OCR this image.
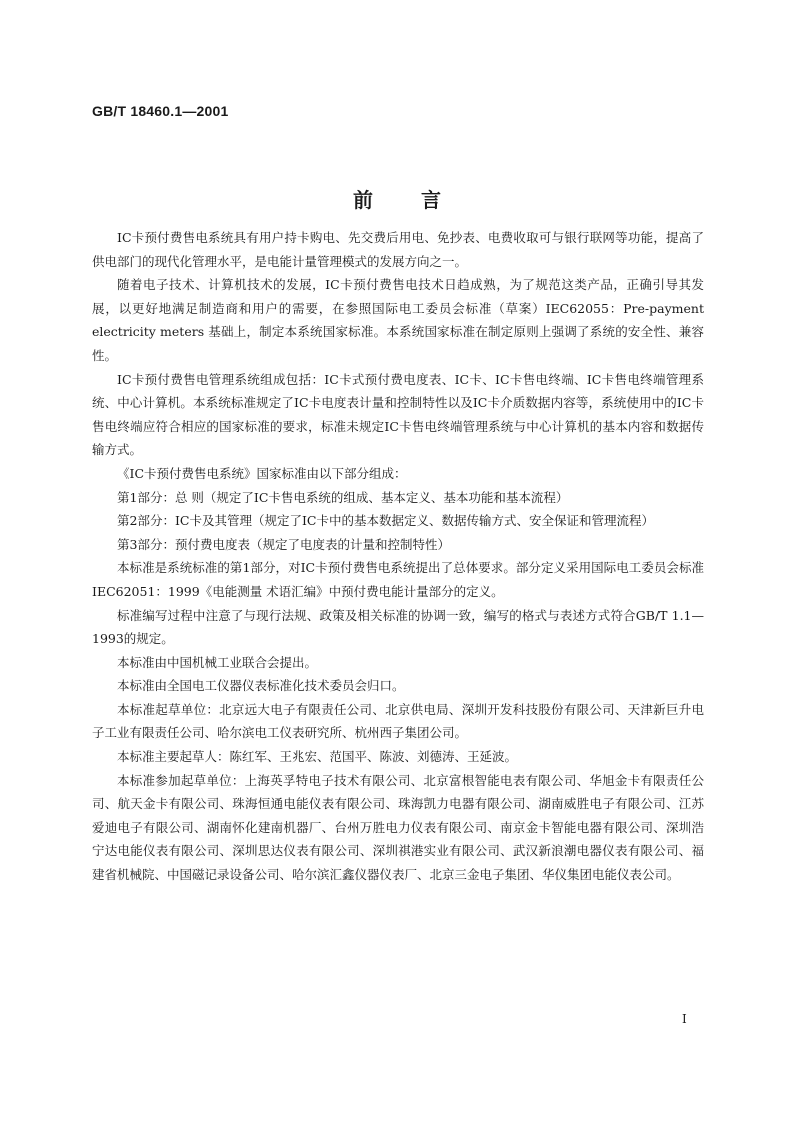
GB/T 18460.1—2001
前言

IC卡预付费售电系统具有用户持卡购电、先交费后用电、免抄表、电费收取可与银行联网等功能，提高了供电部门的现代化管理水平，是电能计量管理模式的发展方向之一。

随着电子技术、计算机技术的发展，IC卡预付费售电技术日趋成熟，为了规范这类产品，正确引导其发展，以更好地满足制造商和用户的需要，在参照国际电工委员会标准（草案）IEC62055：Pre-payment electricity meters 基础上，制定本系统国家标准。本系统国家标准在制定原则上强调了系统的安全性、兼容性。

IC卡预付费售电管理系统组成包括：IC卡式预付费电度表、IC卡、IC卡售电终端、IC卡售电终端管理系统、中心计算机。本系统标准规定了IC卡电度表计量和控制特性以及IC卡介质数据内容等，系统使用中的IC卡售电终端应符合相应的国家标准的要求，标准未规定IC卡售电终端管理系统与中心计算机的基本内容和数据传输方式。

《IC卡预付费售电系统》国家标准由以下部分组成：

第1部分：总 则（规定了IC卡售电系统的组成、基本定义、基本功能和基本流程）

第2部分：IC卡及其管理（规定了IC卡中的基本数据定义、数据传输方式、安全保证和管理流程）

第3部分：预付费电度表（规定了电度表的计量和控制特性）

本标准是系统标准的第1部分，对IC卡预付费售电系统提出了总体要求。部分定义采用国际电工委员会标准IEC62051：1999《电能测量 术语汇编》中预付费电能计量部分的定义。

标准编写过程中注意了与现行法规、政策及相关标准的协调一致，编写的格式与表述方式符合GB/T 1.1—1993的规定。

本标准由中国机械工业联合会提出。

本标准由全国电工仪器仪表标准化技术委员会归口。

本标准起草单位：北京远大电子有限责任公司、北京供电局、深圳开发科技股份有限公司、天津新巨升电子工业有限责任公司、哈尔滨电工仪表研究所、杭州西子集团公司。

本标准主要起草人：陈红军、王兆宏、范国平、陈波、刘德涛、王延波。

本标准参加起草单位：上海英孚特电子技术有限公司、北京富根智能电表有限公司、华旭金卡有限责任公司、航天金卡有限公司、珠海恒通电能仪表有限公司、珠海凯力电器有限公司、湖南威胜电子有限公司、江苏爱迪电子有限公司、湖南怀化建南机器厂、台州万胜电力仪表有限公司、南京金卡智能电器有限公司、深圳浩宁达电能仪表有限公司、深圳思达仪表有限公司、深圳祺港实业有限公司、武汉新浪潮电器仪表有限公司、福建省机械院、中国磁记录设备公司、哈尔滨汇鑫仪器仪表厂、北京三金电子集团、华仪集团电能仪表公司。

I
